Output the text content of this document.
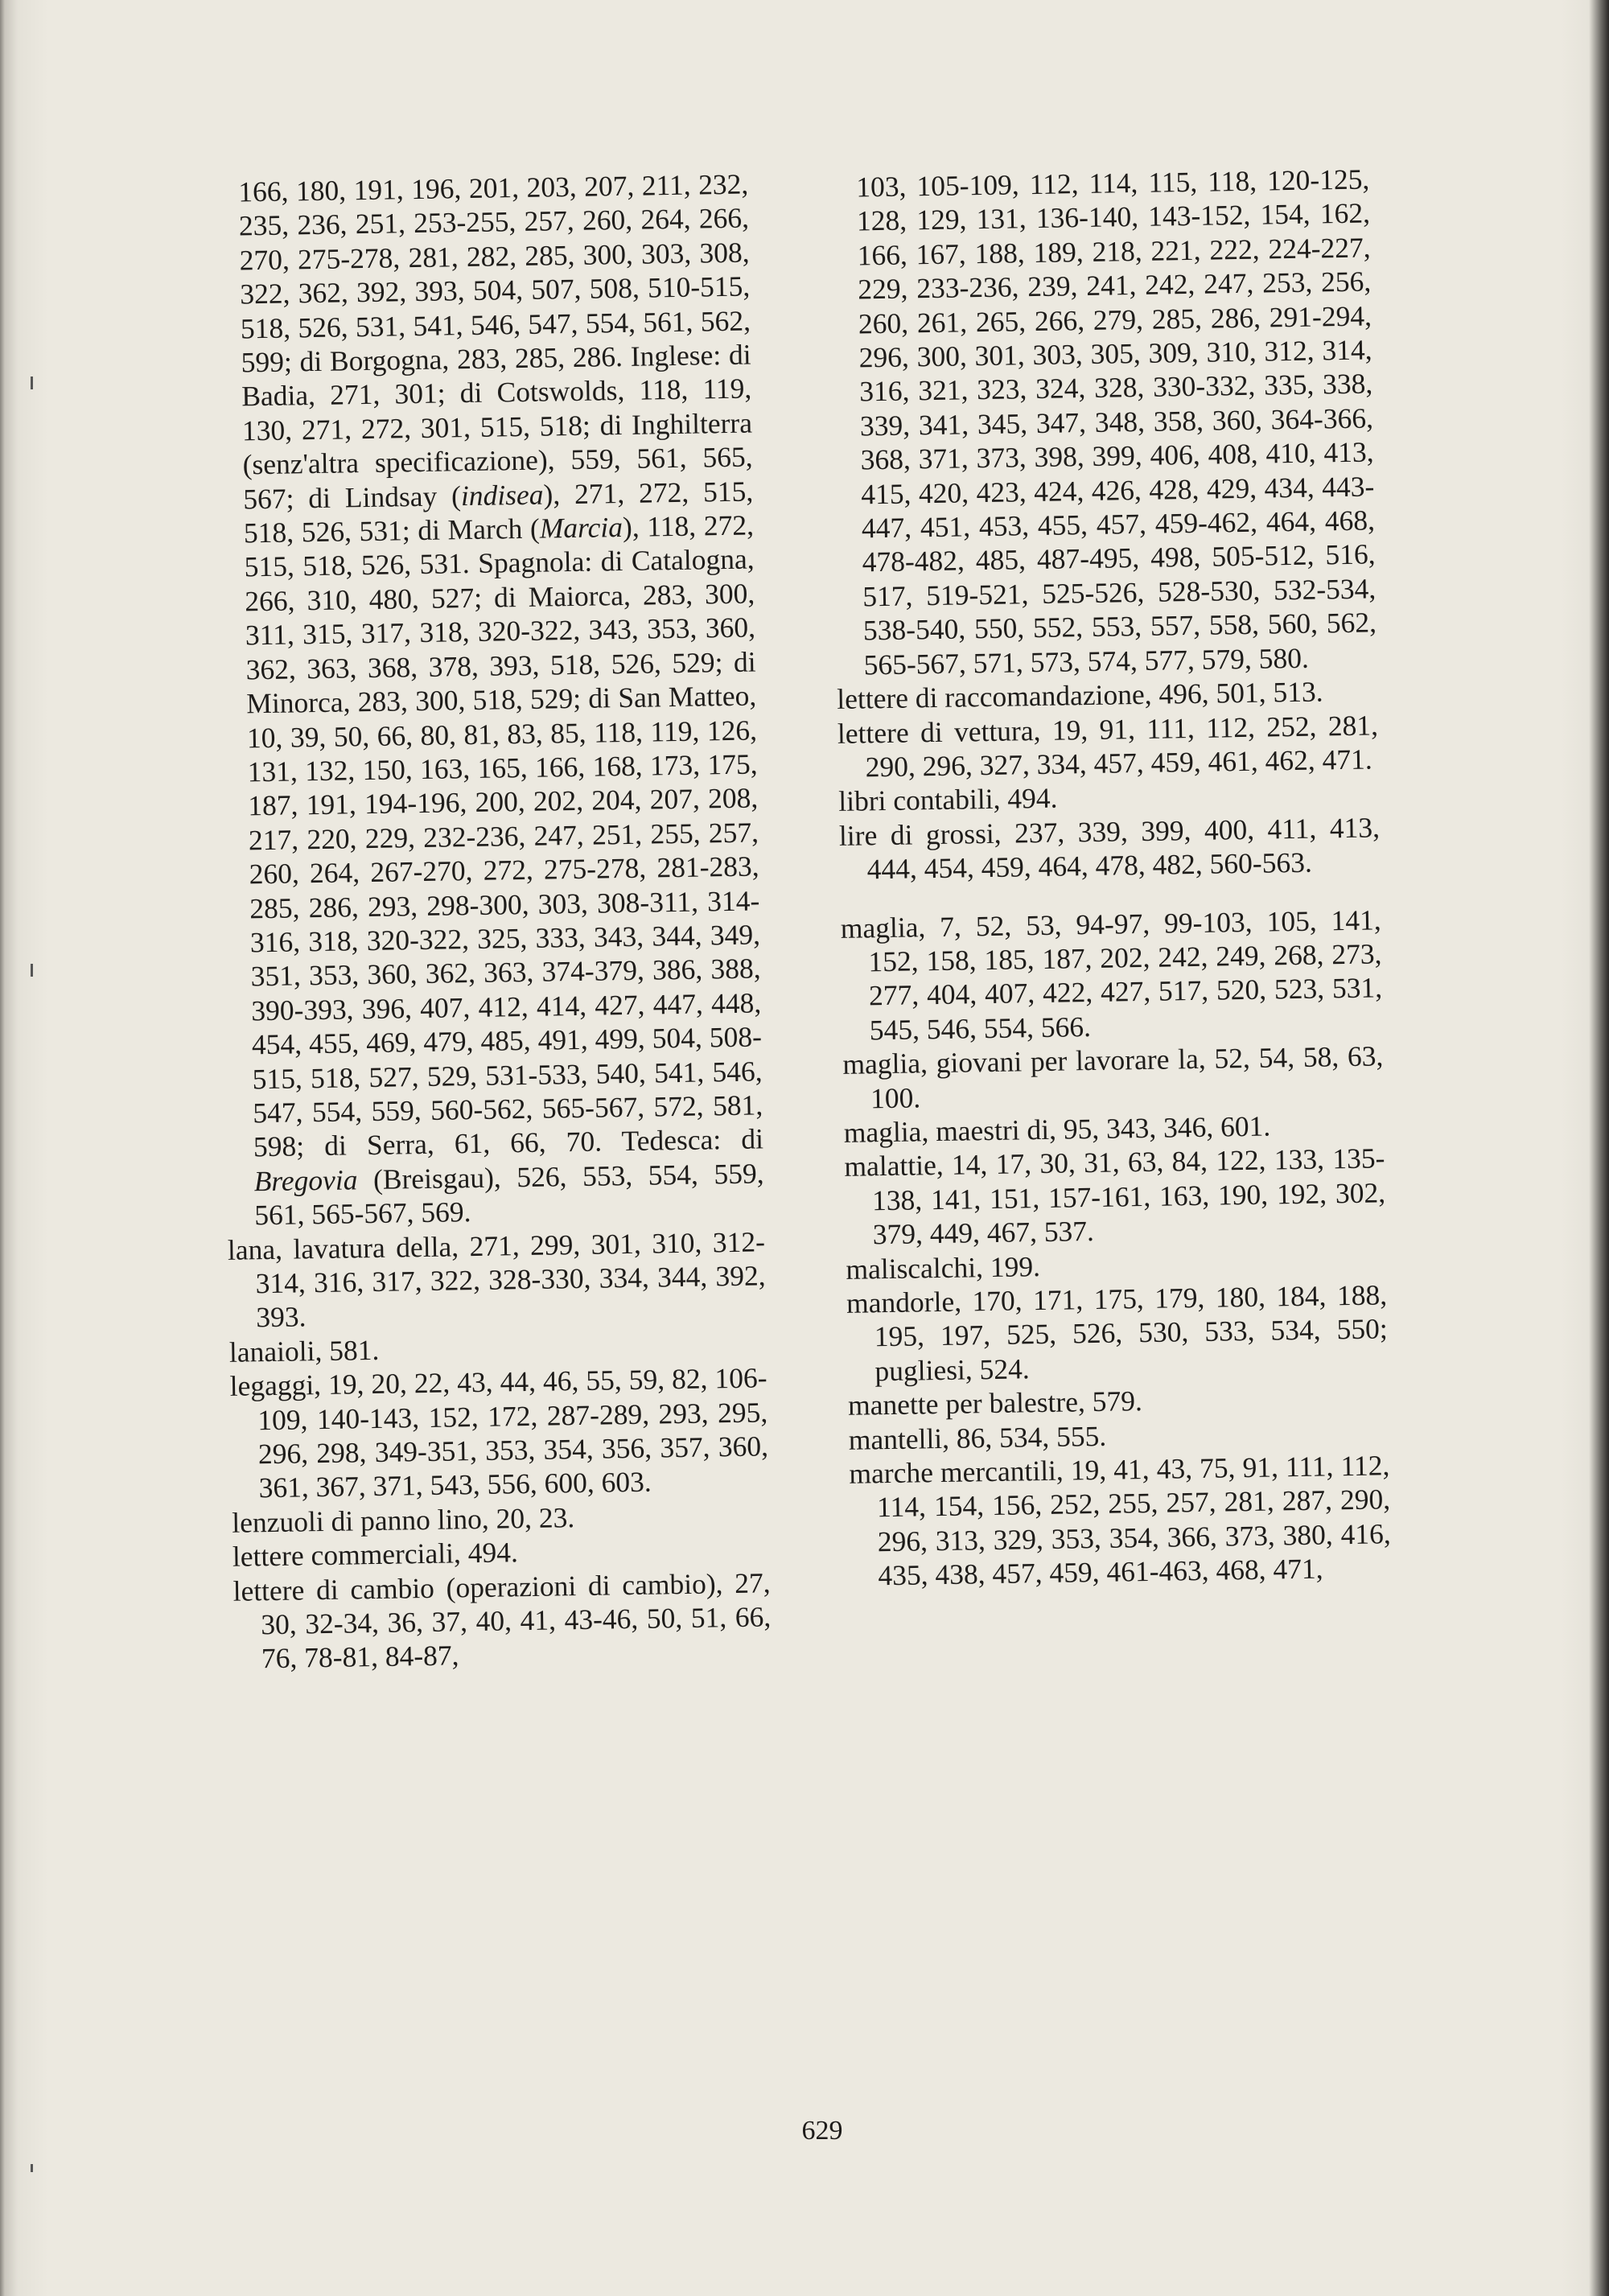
166, 180, 191, 196, 201, 203, 207, 211, 232, 235, 236, 251, 253-255, 257, 260, 264, 266, 270, 275-278, 281, 282, 285, 300, 303, 308, 322, 362, 392, 393, 504, 507, 508, 510-515, 518, 526, 531, 541, 546, 547, 554, 561, 562, 599; di Borgogna, 283, 285, 286. Inglese: di Badia, 271, 301; di Cotswolds, 118, 119, 130, 271, 272, 301, 515, 518; di Inghilterra (senz'altra specificazione), 559, 561, 565, 567; di Lindsay (indisea), 271, 272, 515, 518, 526, 531; di March (Marcia), 118, 272, 515, 518, 526, 531. Spagnola: di Catalogna, 266, 310, 480, 527; di Maiorca, 283, 300, 311, 315, 317, 318, 320-322, 343, 353, 360, 362, 363, 368, 378, 393, 518, 526, 529; di Minorca, 283, 300, 518, 529; di San Matteo, 10, 39, 50, 66, 80, 81, 83, 85, 118, 119, 126, 131, 132, 150, 163, 165, 166, 168, 173, 175, 187, 191, 194-196, 200, 202, 204, 207, 208, 217, 220, 229, 232-236, 247, 251, 255, 257, 260, 264, 267-270, 272, 275-278, 281-283, 285, 286, 293, 298-300, 303, 308-311, 314-316, 318, 320-322, 325, 333, 343, 344, 349, 351, 353, 360, 362, 363, 374-379, 386, 388, 390-393, 396, 407, 412, 414, 427, 447, 448, 454, 455, 469, 479, 485, 491, 499, 504, 508-515, 518, 527, 529, 531-533, 540, 541, 546, 547, 554, 559, 560-562, 565-567, 572, 581, 598; di Serra, 61, 66, 70. Tedesca: di Bregovia (Breisgau), 526, 553, 554, 559, 561, 565-567, 569.

lana, lavatura della, 271, 299, 301, 310, 312-314, 316, 317, 322, 328-330, 334, 344, 392, 393.

lanaioli, 581.

legaggi, 19, 20, 22, 43, 44, 46, 55, 59, 82, 106-109, 140-143, 152, 172, 287-289, 293, 295, 296, 298, 349-351, 353, 354, 356, 357, 360, 361, 367, 371, 543, 556, 600, 603.

lenzuoli di panno lino, 20, 23.

lettere commerciali, 494.

lettere di cambio (operazioni di cambio), 27, 30, 32-34, 36, 37, 40, 41, 43-46, 50, 51, 66, 76, 78-81, 84-87,

103, 105-109, 112, 114, 115, 118, 120-125, 128, 129, 131, 136-140, 143-152, 154, 162, 166, 167, 188, 189, 218, 221, 222, 224-227, 229, 233-236, 239, 241, 242, 247, 253, 256, 260, 261, 265, 266, 279, 285, 286, 291-294, 296, 300, 301, 303, 305, 309, 310, 312, 314, 316, 321, 323, 324, 328, 330-332, 335, 338, 339, 341, 345, 347, 348, 358, 360, 364-366, 368, 371, 373, 398, 399, 406, 408, 410, 413, 415, 420, 423, 424, 426, 428, 429, 434, 443-447, 451, 453, 455, 457, 459-462, 464, 468, 478-482, 485, 487-495, 498, 505-512, 516, 517, 519-521, 525-526, 528-530, 532-534, 538-540, 550, 552, 553, 557, 558, 560, 562, 565-567, 571, 573, 574, 577, 579, 580.

lettere di raccomandazione, 496, 501, 513.

lettere di vettura, 19, 91, 111, 112, 252, 281, 290, 296, 327, 334, 457, 459, 461, 462, 471.

libri contabili, 494.

lire di grossi, 237, 339, 399, 400, 411, 413, 444, 454, 459, 464, 478, 482, 560-563.

maglia, 7, 52, 53, 94-97, 99-103, 105, 141, 152, 158, 185, 187, 202, 242, 249, 268, 273, 277, 404, 407, 422, 427, 517, 520, 523, 531, 545, 546, 554, 566.

maglia, giovani per lavorare la, 52, 54, 58, 63, 100.

maglia, maestri di, 95, 343, 346, 601.

malattie, 14, 17, 30, 31, 63, 84, 122, 133, 135-138, 141, 151, 157-161, 163, 190, 192, 302, 379, 449, 467, 537.

maliscalchi, 199.

mandorle, 170, 171, 175, 179, 180, 184, 188, 195, 197, 525, 526, 530, 533, 534, 550; pugliesi, 524.

manette per balestre, 579.

mantelli, 86, 534, 555.

marche mercantili, 19, 41, 43, 75, 91, 111, 112, 114, 154, 156, 252, 255, 257, 281, 287, 290, 296, 313, 329, 353, 354, 366, 373, 380, 416, 435, 438, 457, 459, 461-463, 468, 471,

629
